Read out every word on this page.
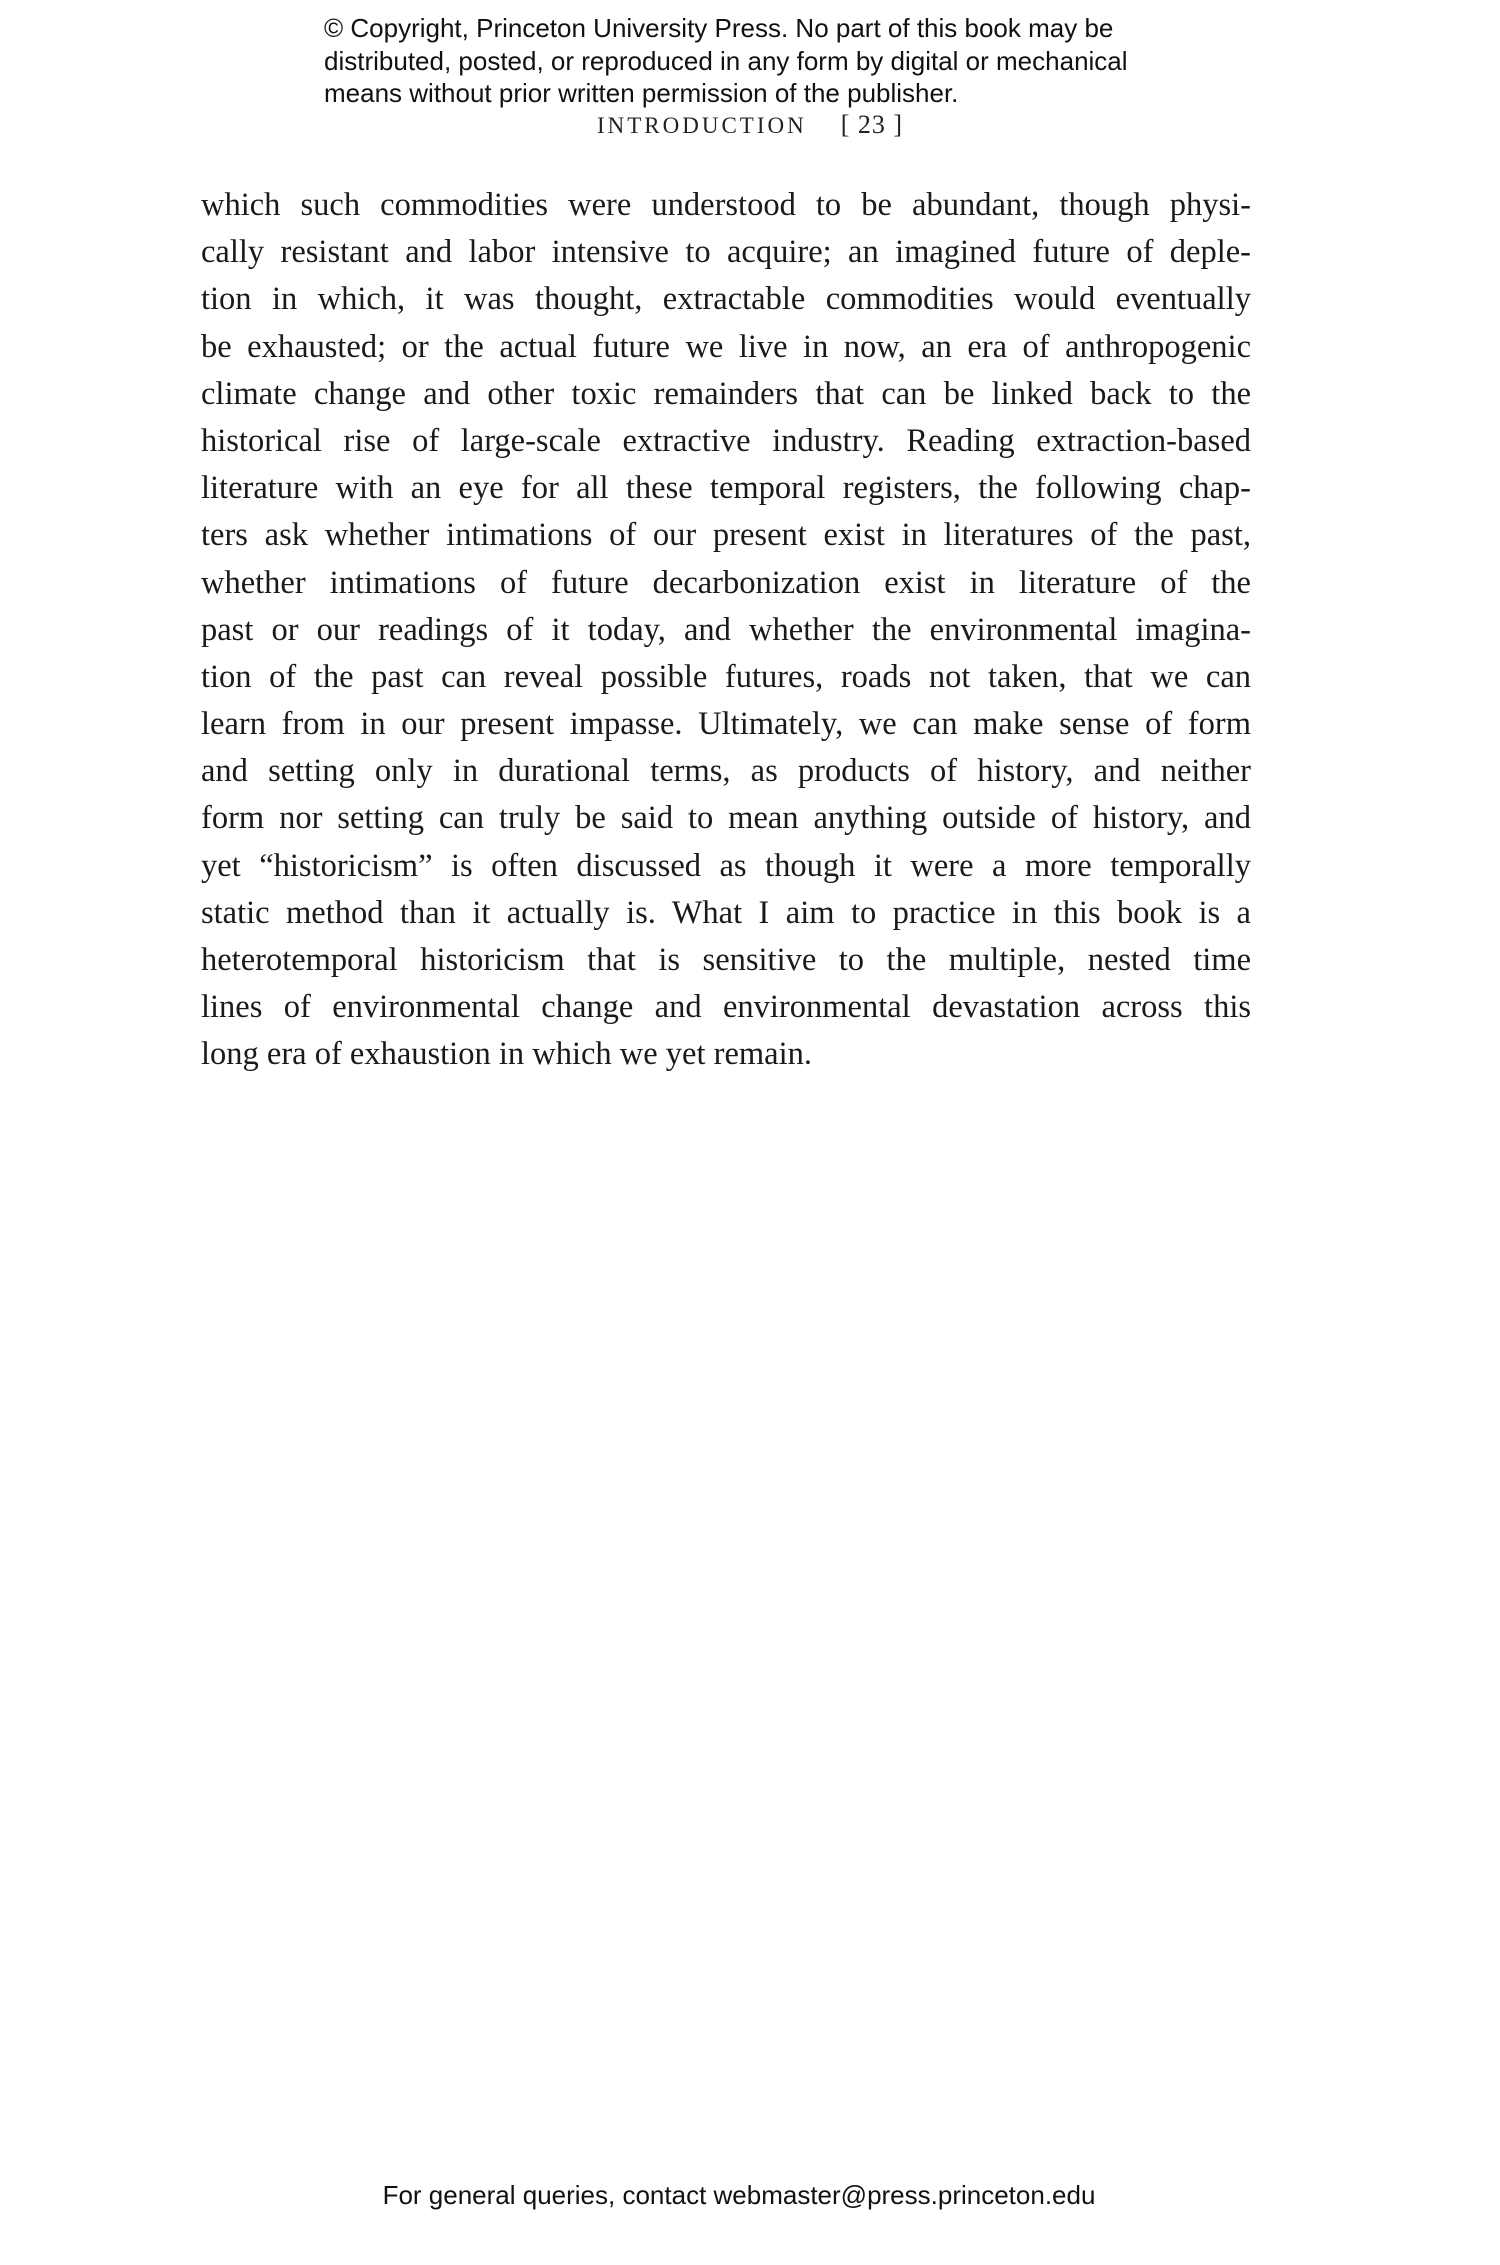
© Copyright, Princeton University Press. No part of this book may be
distributed, posted, or reproduced in any form by digital or mechanical
means without prior written permission of the publisher.
INTRODUCTION [ 23 ]
which such commodities were understood to be abundant, though physi-
cally resistant and labor intensive to acquire; an imagined future of deple-
tion in which, it was thought, extractable commodities would eventually
be exhausted; or the actual future we live in now, an era of anthropogenic
climate change and other toxic remainders that can be linked back to the
historical rise of large-scale extractive industry. Reading extraction-based
literature with an eye for all these temporal registers, the following chap-
ters ask whether intimations of our present exist in literatures of the past,
whether intimations of future decarbonization exist in literature of the
past or our readings of it today, and whether the environmental imagina-
tion of the past can reveal possible futures, roads not taken, that we can
learn from in our present impasse. Ultimately, we can make sense of form
and setting only in durational terms, as products of history, and neither
form nor setting can truly be said to mean anything outside of history, and
yet “historicism” is often discussed as though it were a more temporally
static method than it actually is. What I aim to practice in this book is a
heterotemporal historicism that is sensitive to the multiple, nested time
lines of environmental change and environmental devastation across this
long era of exhaustion in which we yet remain.
For general queries, contact webmaster@press.princeton.edu
